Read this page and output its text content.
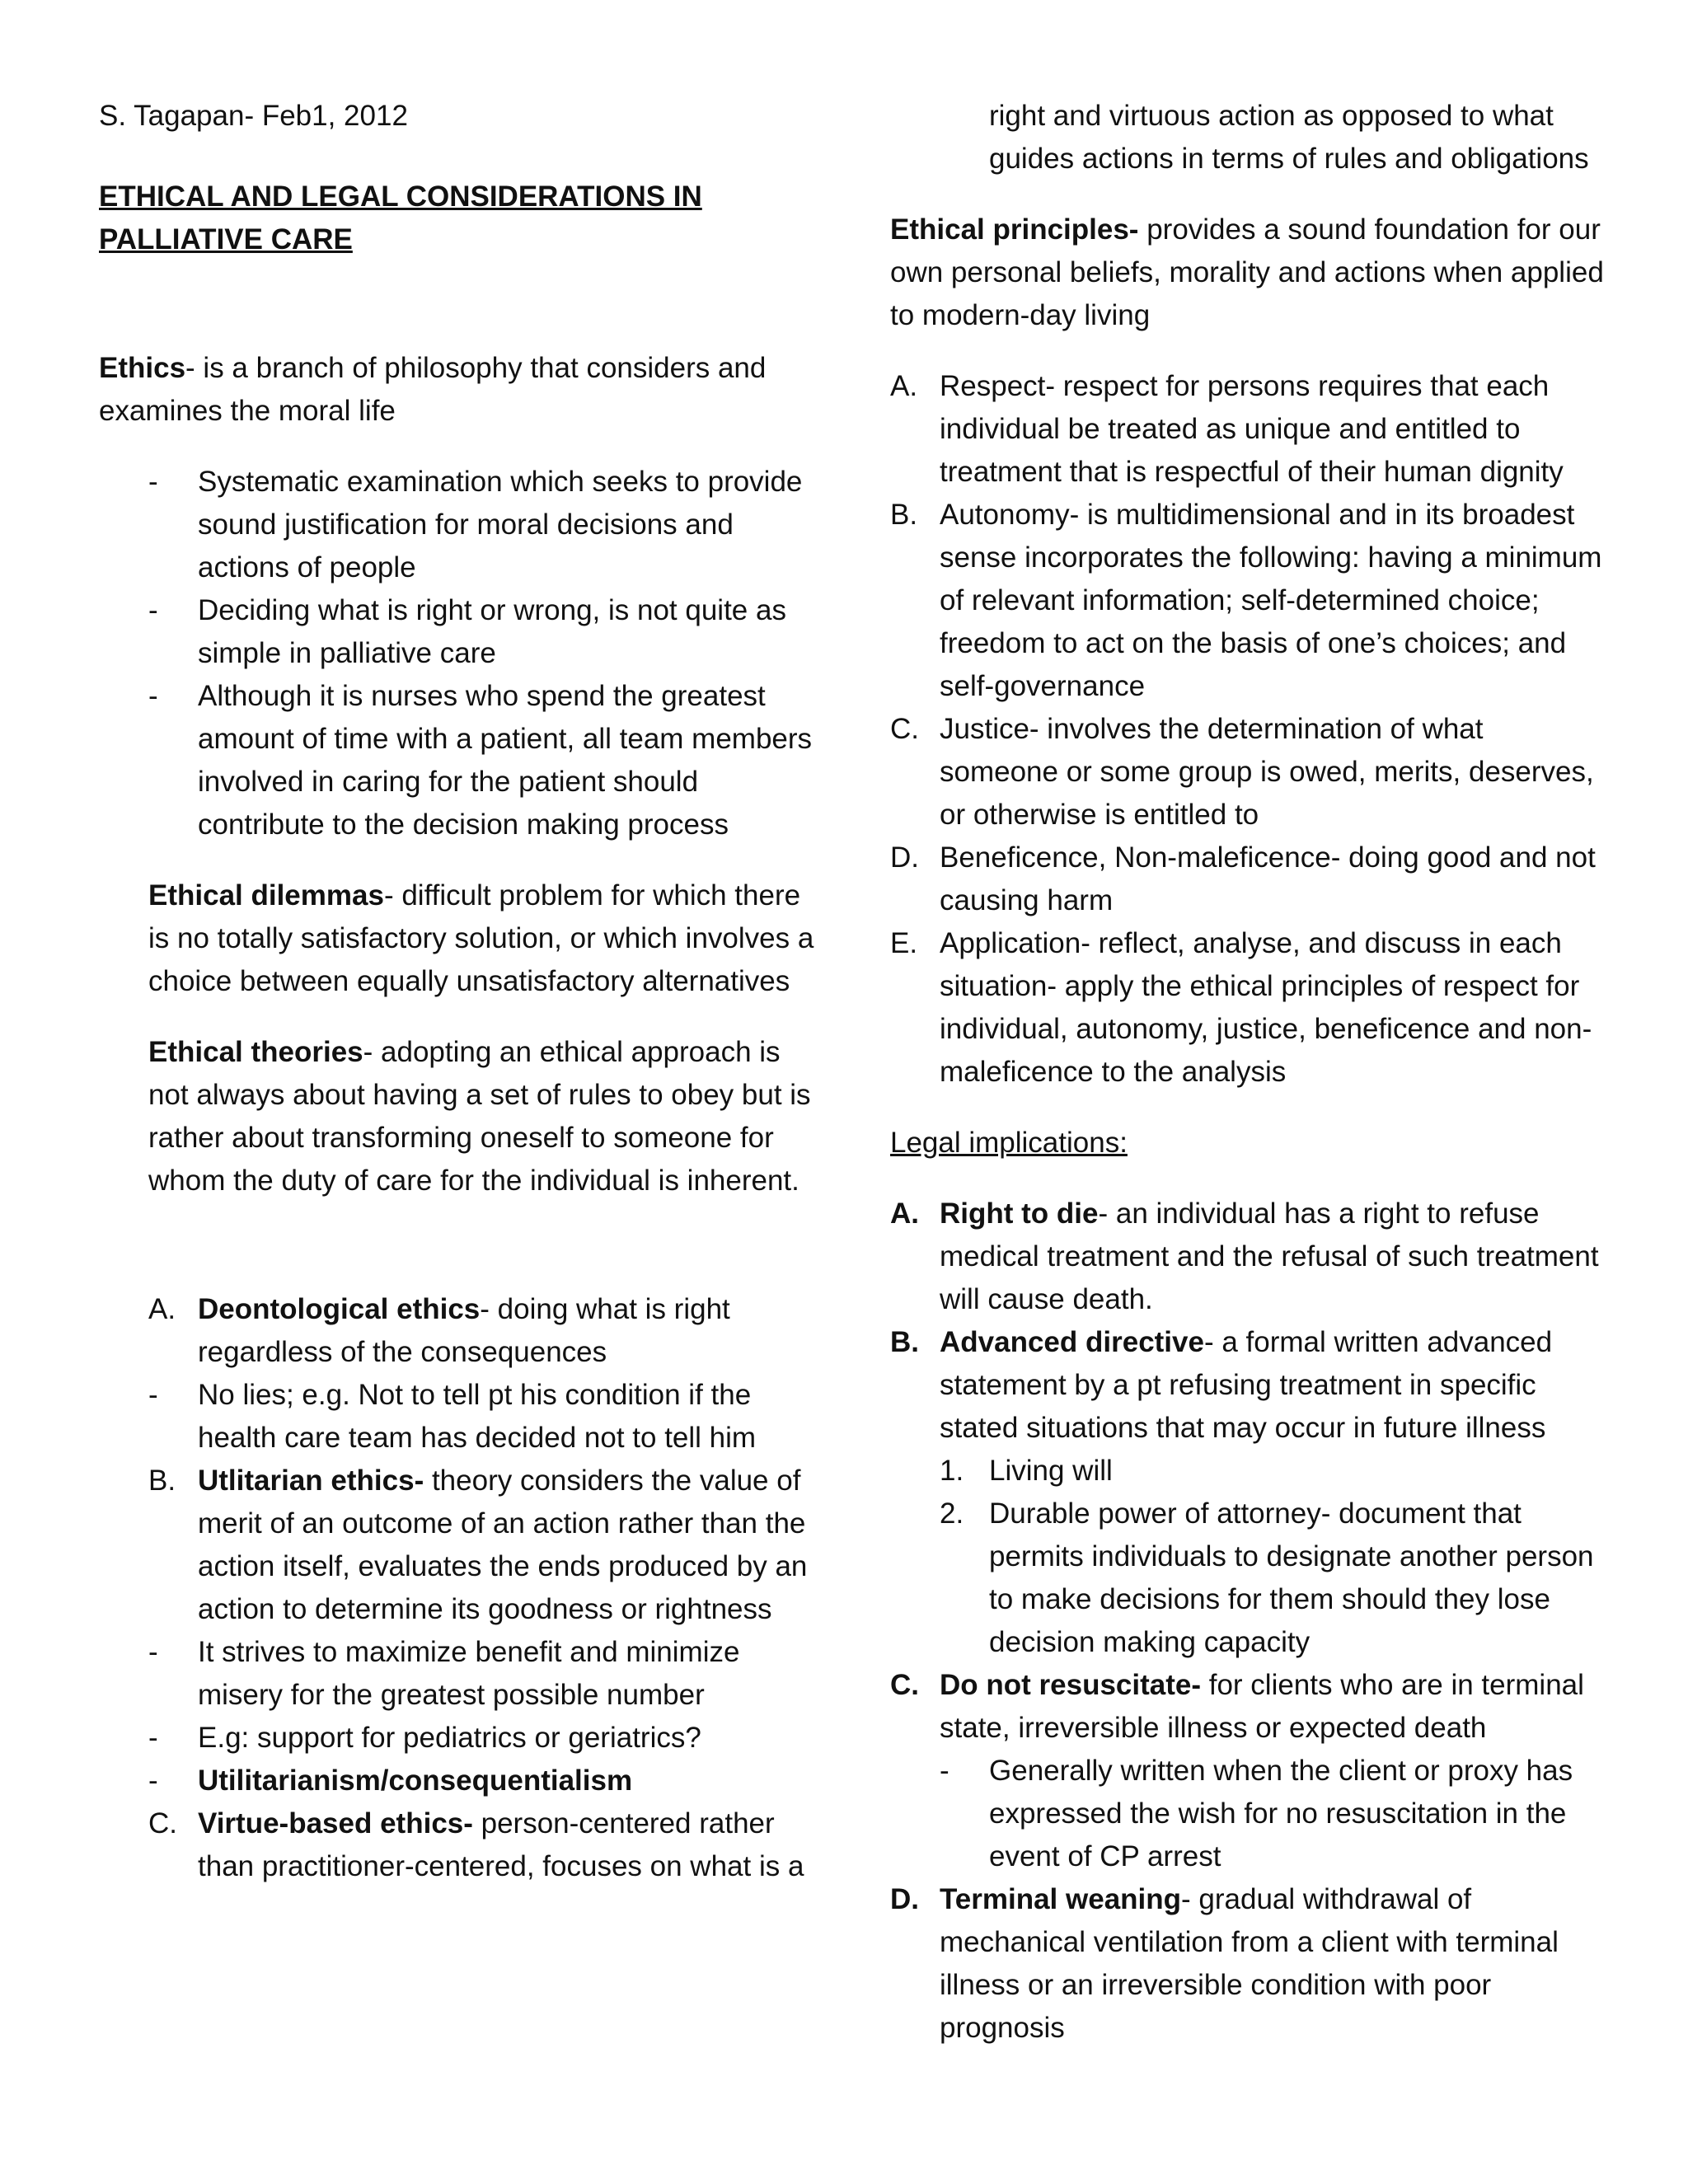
S. Tagapan- Feb1, 2012

ETHICAL AND LEGAL CONSIDERATIONS IN PALLIATIVE CARE

Ethics- is a branch of philosophy that considers and examines the moral life

- Systematic examination which seeks to provide sound justification for moral decisions and actions of people
- Deciding what is right or wrong, is not quite as simple in palliative care
- Although it is nurses who spend the greatest amount of time with a patient, all team members involved in caring for the patient should contribute to the decision making process

Ethical dilemmas- difficult problem for which there is no totally satisfactory solution, or which involves a choice between equally unsatisfactory alternatives

Ethical theories- adopting an ethical approach is not always about having a set of rules to obey but is rather about transforming oneself to someone for whom the duty of care for the individual is inherent.

A. Deontological ethics- doing what is right regardless of the consequences
- No lies; e.g. Not to tell pt his condition if the health care team has decided not to tell him
B. Utlitarian ethics- theory considers the value of merit of an outcome of an action rather than the action itself, evaluates the ends produced by an action to determine its goodness or rightness
- It strives to maximize benefit and minimize misery for the greatest possible number
- E.g: support for pediatrics or geriatrics?
- Utilitarianism/consequentialism
C. Virtue-based ethics- person-centered rather than practitioner-centered, focuses on what is a

right and virtuous action as opposed to what guides actions in terms of rules and obligations

Ethical principles- provides a sound foundation for our own personal beliefs, morality and actions when applied to modern-day living

A. Respect- respect for persons requires that each individual be treated as unique and entitled to treatment that is respectful of their human dignity
B. Autonomy- is multidimensional and in its broadest sense incorporates the following: having a minimum of relevant information; self-determined choice; freedom to act on the basis of one’s choices; and self-governance
C. Justice- involves the determination of what someone or some group is owed, merits, deserves, or otherwise is entitled to
D. Beneficence, Non-maleficence- doing good and not causing harm
E. Application- reflect, analyse, and discuss in each situation- apply the ethical principles of respect for individual, autonomy, justice, beneficence and non-maleficence to the analysis

Legal implications:

A. Right to die- an individual has a right to refuse medical treatment and the refusal of such treatment will cause death.
B. Advanced directive- a formal written advanced statement by a pt refusing treatment in specific stated situations that may occur in future illness
1. Living will
2. Durable power of attorney- document that permits individuals to designate another person to make decisions for them should they lose decision making capacity
C. Do not resuscitate- for clients who are in terminal state, irreversible illness or expected death
- Generally written when the client or proxy has expressed the wish for no resuscitation in the event of CP arrest
D. Terminal weaning- gradual withdrawal of mechanical ventilation from a client with terminal illness or an irreversible condition with poor prognosis
